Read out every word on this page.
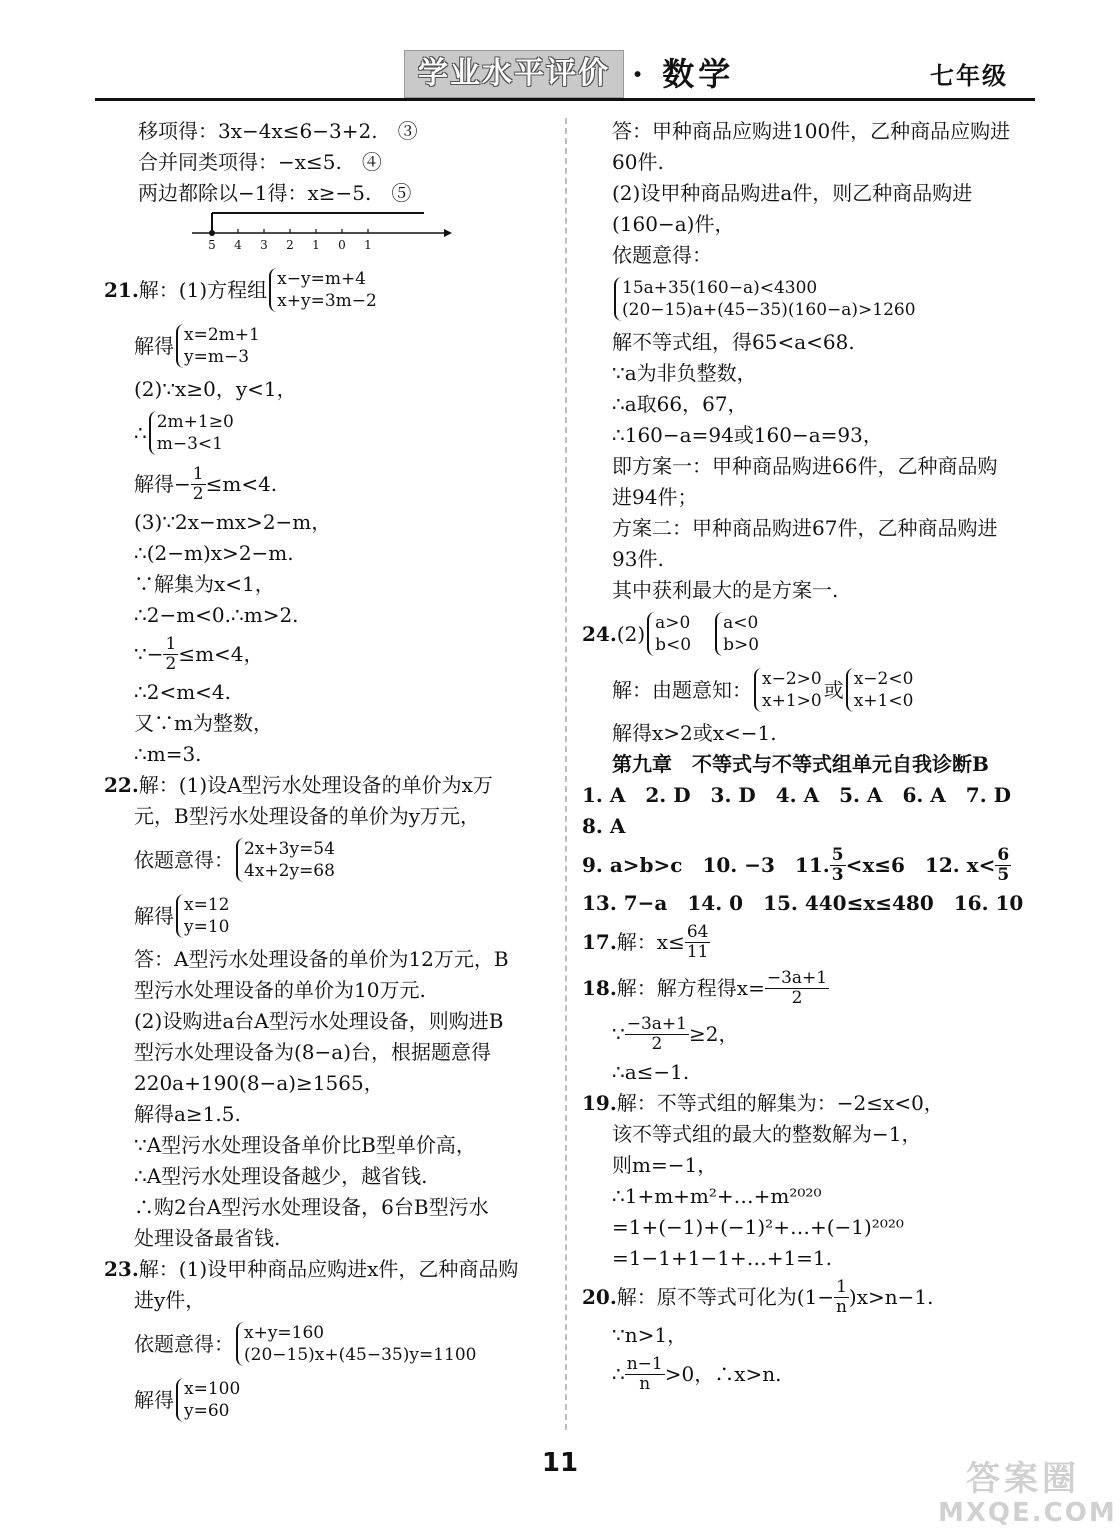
学业水平评价 · 数学	七年级

移项得：3x−4x≤6−3+2.　③

合并同类项得：−x≤5.　④

两边都除以−1得：x≥−5.　⑤

5 4 3 2 1 0 1
21. 解：(1)方程组 x−y=m+4
x+y=3m−2
解得 x=2m+1
y=m−3

(2)∵x≥0，y<1，

∴ 2m+1≥0
m−3<1
解得− $\frac{1}{2} \le m<4$.

(3)∵2x−mx>2−m，

∴(2−m)x>2−m.

∵解集为x<1，

∴2−m<0.∴m>2.

∵− $\frac{1}{2} \le m<4$，

∴2<m<4.

又∵m为整数，

∴m=3.

22.解：(1)设A型污水处理设备的单价为x万

元，B型污水处理设备的单价为y万元，

依题意得： 2x+3y=54
4x+2y=68
解得 x=12
y=10

答：A型污水处理设备的单价为12万元，B

型污水处理设备的单价为10万元.

(2)设购进a台A型污水处理设备，则购进B

型污水处理设备为(8−a)台，根据题意得

220a+190(8−a)≥1565，

解得a≥1.5.

∵A型污水处理设备单价比B型单价高，

∴A型污水处理设备越少，越省钱.

∴购2台A型污水处理设备，6台B型污水

处理设备最省钱.

23.解：(1)设甲种商品应购进x件，乙种商品购

进y件，

依题意得： x+y=160
(20−15)x+(45−35)y=1100
解得 x=100
y=60

答：甲种商品应购进100件，乙种商品应购进

60件.

(2)设甲种商品购进a件，则乙种商品购进

(160−a)件，

依题意得：

15a+35(160−a)<4300
(20−15)a+(45−35)(160−a)>1260

解不等式组，得65<a<68.

∵a为非负整数，

∴a取66，67，

∴160−a=94或160−a=93，

即方案一：甲种商品购进66件，乙种商品购

进94件；

方案二：甲种商品购进67件，乙种商品购进

93件.

其中获利最大的是方案一.

24. (2) a>0
b<0
a<0
b>0
解：由题意知： x−2>0
x+1>0 或 x−2<0
x+1<0

解得x>2或x<−1.

第九章　不等式与不等式组单元自我诊断B

1. A　2. D　3. D　4. A　5. A　6. A　7. D

8. A

9. a>b>c　10. −3　11. $\frac{5}{3} <x\le 6$　12. $x< \frac{6}{5}$

13. 7−a　14. 0　15. 440≤x≤480　16. 10

17. 解：$x\le \frac{64}{11}$
18. 解：解方程得$x= \frac{-3a+1}{2}$
∵ $\frac{-3a+1}{2} \ge 2$，

∴a≤−1.

19.解：不等式组的解集为：−2≤x<0，

该不等式组的最大的整数解为−1，

则m=−1，

∴1+m+m²+…+m²⁰²⁰

=1+(−1)+(−1)²+…+(−1)²⁰²⁰

=1−1+1−1+…+1=1.

20. 解：原不等式可化为$(1- \frac{1}{n} )x>n-1$.

∵n>1，

∴ $\frac{n-1}{n} >0$，∴x>n.
11	答案圈
MXQE.COM
